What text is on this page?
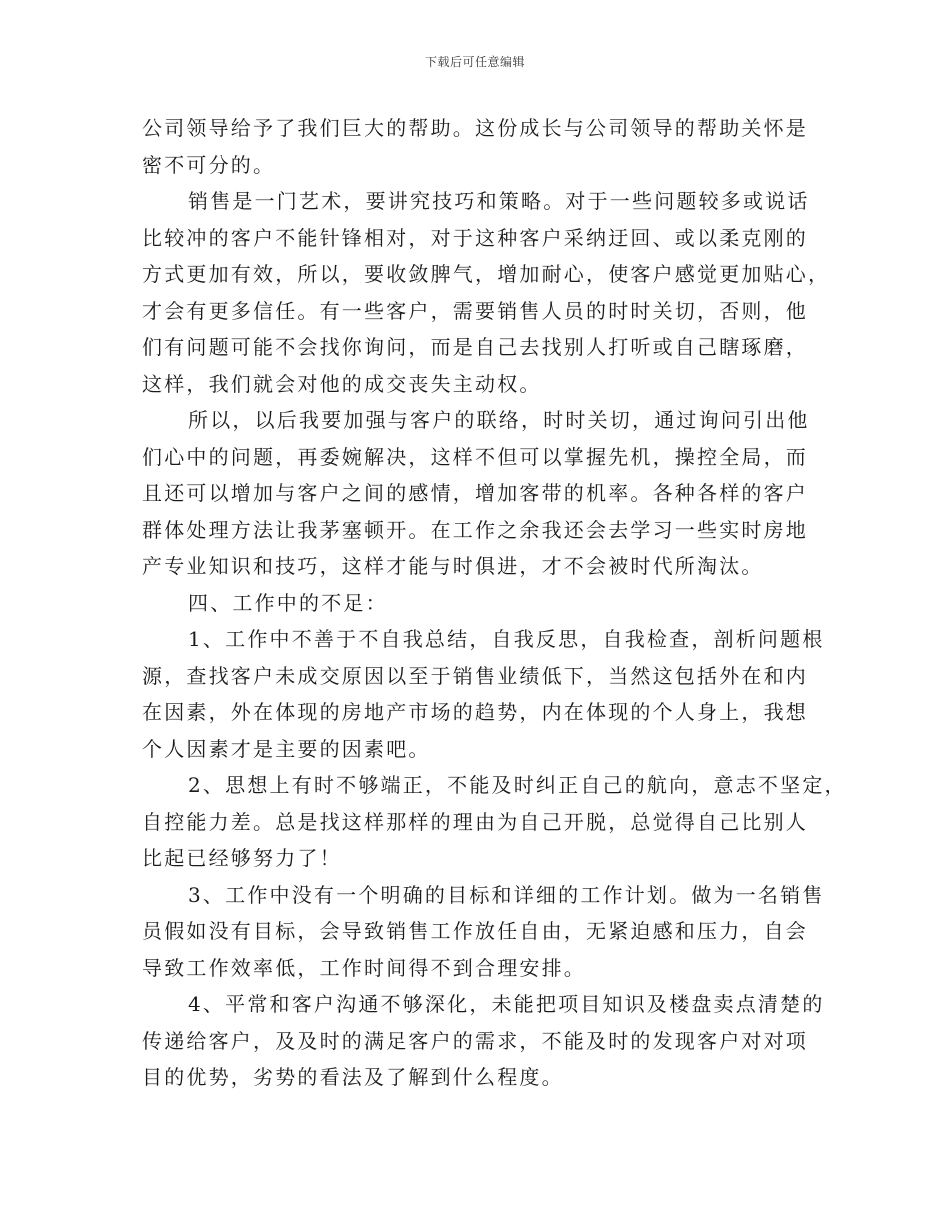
下载后可任意编辑
公司领导给予了我们巨大的帮助。这份成长与公司领导的帮助关怀是
密不可分的。
销售是一门艺术，要讲究技巧和策略。对于一些问题较多或说话
比较冲的客户不能针锋相对，对于这种客户采纳迂回、或以柔克刚的
方式更加有效，所以，要收敛脾气，增加耐心，使客户感觉更加贴心，
才会有更多信任。有一些客户，需要销售人员的时时关切，否则，他
们有问题可能不会找你询问，而是自己去找别人打听或自己瞎琢磨，
这样，我们就会对他的成交丧失主动权。
所以，以后我要加强与客户的联络，时时关切，通过询问引出他
们心中的问题，再委婉解决，这样不但可以掌握先机，操控全局，而
且还可以增加与客户之间的感情，增加客带的机率。各种各样的客户
群体处理方法让我茅塞顿开。在工作之余我还会去学习一些实时房地
产专业知识和技巧，这样才能与时俱进，才不会被时代所淘汰。
四、工作中的不足：
1、工作中不善于不自我总结，自我反思，自我检查，剖析问题根
源，查找客户未成交原因以至于销售业绩低下，当然这包括外在和内
在因素，外在体现的房地产市场的趋势，内在体现的个人身上，我想
个人因素才是主要的因素吧。
2、思想上有时不够端正，不能及时纠正自己的航向，意志不坚定，
自控能力差。总是找这样那样的理由为自己开脱，总觉得自己比别人
比起已经够努力了！
3、工作中没有一个明确的目标和详细的工作计划。做为一名销售
员假如没有目标，会导致销售工作放任自由，无紧迫感和压力，自会
导致工作效率低，工作时间得不到合理安排。
4、平常和客户沟通不够深化，未能把项目知识及楼盘卖点清楚的
传递给客户，及及时的满足客户的需求，不能及时的发现客户对对项
目的优势，劣势的看法及了解到什么程度。
